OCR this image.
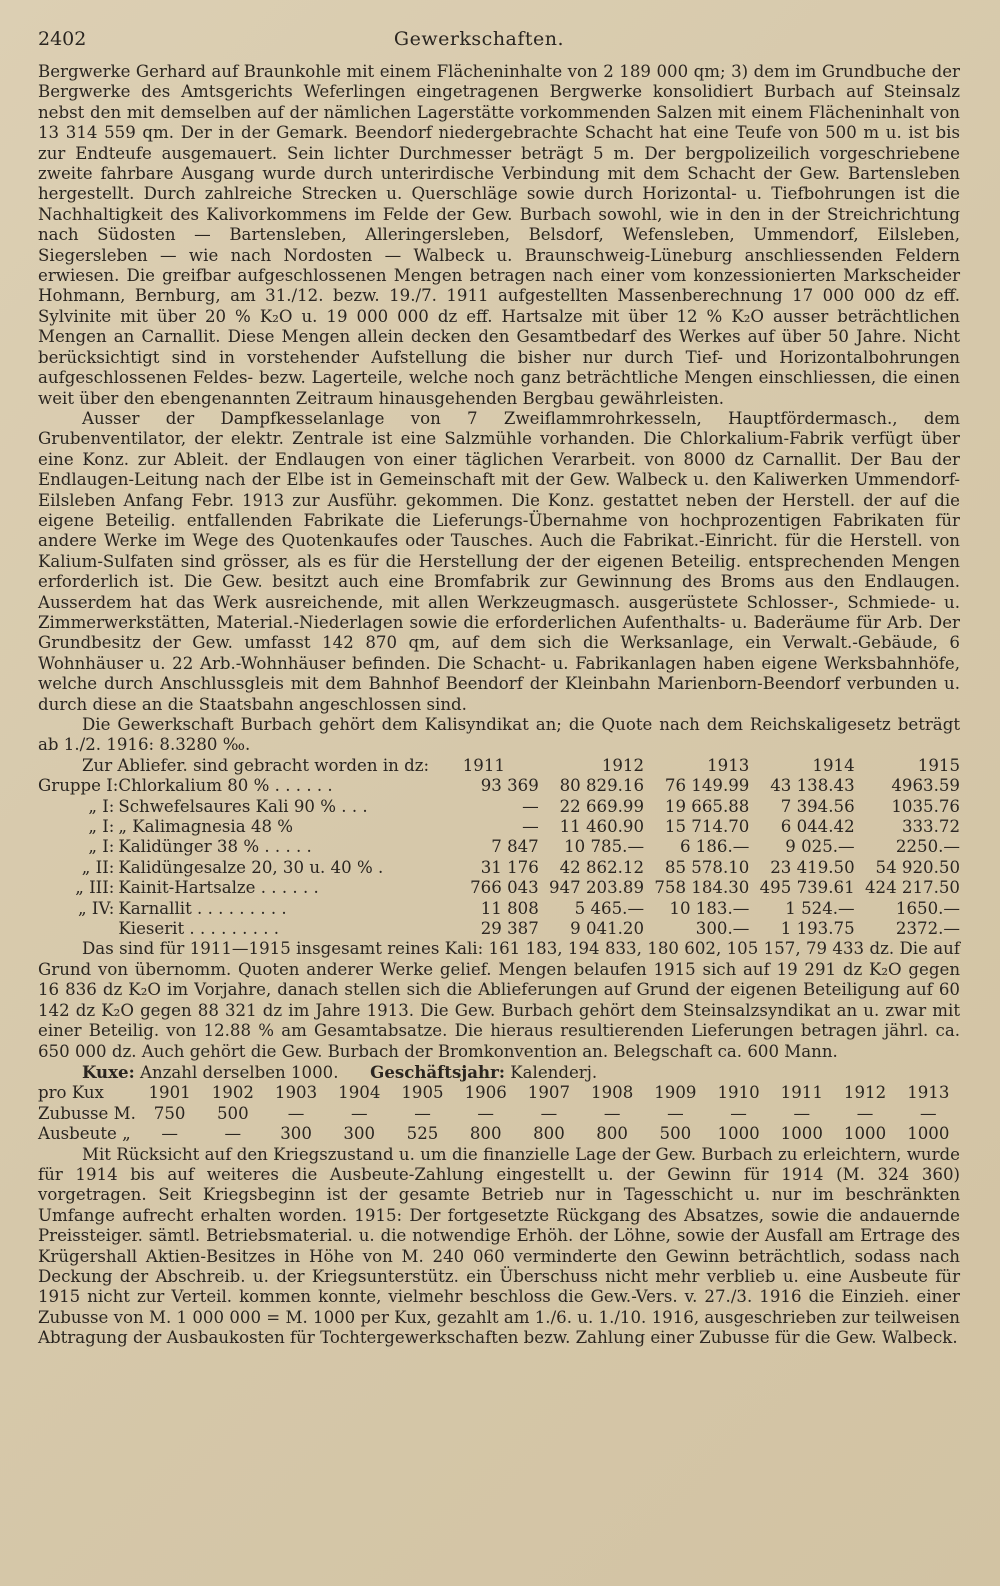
2402	Gewerkschaften.

Bergwerke Gerhard auf Braunkohle mit einem Flächeninhalte von 2 189 000 qm; 3) dem im Grundbuche der Bergwerke des Amtsgerichts Weferlingen eingetragenen Bergwerke konsolidiert Burbach auf Steinsalz nebst den mit demselben auf der nämlichen Lagerstätte vorkommenden Salzen mit einem Flächeninhalt von 13 314 559 qm. Der in der Gemark. Beendorf niedergebrachte Schacht hat eine Teufe von 500 m u. ist bis zur Endteufe ausgemauert. Sein lichter Durchmesser beträgt 5 m. Der bergpolizeilich vorgeschriebene zweite fahrbare Ausgang wurde durch unterirdische Verbindung mit dem Schacht der Gew. Bartensleben hergestellt. Durch zahlreiche Strecken u. Querschläge sowie durch Horizontal- u. Tiefbohrungen ist die Nachhaltigkeit des Kalivorkommens im Felde der Gew. Burbach sowohl, wie in den in der Streichrichtung nach Südosten — Bartensleben, Alleringersleben, Belsdorf, Wefensleben, Ummendorf, Eilsleben, Siegersleben — wie nach Nordosten — Walbeck u. Braunschweig-Lüneburg anschliessenden Feldern erwiesen. Die greifbar aufgeschlossenen Mengen betragen nach einer vom konzessionierten Markscheider Hohmann, Bernburg, am 31./12. bezw. 19./7. 1911 aufgestellten Massenberechnung 17 000 000 dz eff. Sylvinite mit über 20 % K₂O u. 19 000 000 dz eff. Hartsalze mit über 12 % K₂O ausser beträchtlichen Mengen an Carnallit. Diese Mengen allein decken den Gesamtbedarf des Werkes auf über 50 Jahre. Nicht berücksichtigt sind in vorstehender Aufstellung die bisher nur durch Tief- und Horizontalbohrungen aufgeschlossenen Feldes- bezw. Lagerteile, welche noch ganz beträchtliche Mengen einschliessen, die einen weit über den ebengenannten Zeitraum hinausgehenden Bergbau gewährleisten.

Ausser der Dampfkesselanlage von 7 Zweiflammrohrkesseln, Hauptfördermasch., dem Grubenventilator, der elektr. Zentrale ist eine Salzmühle vorhanden. Die Chlorkalium-Fabrik verfügt über eine Konz. zur Ableit. der Endlaugen von einer täglichen Verarbeit. von 8000 dz Carnallit. Der Bau der Endlaugen-Leitung nach der Elbe ist in Gemeinschaft mit der Gew. Walbeck u. den Kaliwerken Ummendorf-Eilsleben Anfang Febr. 1913 zur Ausführ. gekommen. Die Konz. gestattet neben der Herstell. der auf die eigene Beteilig. entfallenden Fabrikate die Lieferungs-Übernahme von hochprozentigen Fabrikaten für andere Werke im Wege des Quotenkaufes oder Tausches. Auch die Fabrikat.-Einricht. für die Herstell. von Kalium-Sulfaten sind grösser, als es für die Herstellung der der eigenen Beteilig. entsprechenden Mengen erforderlich ist. Die Gew. besitzt auch eine Bromfabrik zur Gewinnung des Broms aus den Endlaugen. Ausserdem hat das Werk ausreichende, mit allen Werkzeugmasch. ausgerüstete Schlosser-, Schmiede- u. Zimmerwerkstätten, Material.-Niederlagen sowie die erforderlichen Aufenthalts- u. Baderäume für Arb. Der Grundbesitz der Gew. umfasst 142 870 qm, auf dem sich die Werksanlage, ein Verwalt.-Gebäude, 6 Wohnhäuser u. 22 Arb.-Wohnhäuser befinden. Die Schacht- u. Fabrikanlagen haben eigene Werksbahnhöfe, welche durch Anschlussgleis mit dem Bahnhof Beendorf der Kleinbahn Marienborn-Beendorf verbunden u. durch diese an die Staatsbahn angeschlossen sind.

Die Gewerkschaft Burbach gehört dem Kalisyndikat an; die Quote nach dem Reichskaligesetz beträgt ab 1./2. 1916: 8.3280 ‰.

Zur Abliefer. sind gebracht worden in dz:		1911	1912	1913	1914	1915
Gruppe I:	Chlorkalium 80 % . . . . . .	93 369	80 829.16	76 149.99	43 138.43	4963.59
„ I:	Schwefelsaures Kali 90 % . . .	—	22 669.99	19 665.88	7 394.56	1035.76
„ I:	„ Kalimagnesia 48 %	—	11 460.90	15 714.70	6 044.42	333.72
„ I:	Kalidünger 38 % . . . . .	7 847	10 785.—	6 186.—	9 025.—	2250.—
„ II:	Kalidüngesalze 20, 30 u. 40 % .	31 176	42 862.12	85 578.10	23 419.50	54 920.50
„ III:	Kainit-Hartsalze . . . . . .	766 043	947 203.89	758 184.30	495 739.61	424 217.50
„ IV:	Karnallit . . . . . . . . .	11 808	5 465.—	10 183.—	1 524.—	1650.—
	Kieserit . . . . . . . . .	29 387	9 041.20	300.—	1 193.75	2372.—

Das sind für 1911—1915 insgesamt reines Kali: 161 183, 194 833, 180 602, 105 157, 79 433 dz. Die auf Grund von übernomm. Quoten anderer Werke gelief. Mengen belaufen 1915 sich auf 19 291 dz K₂O gegen 16 836 dz K₂O im Vorjahre, danach stellen sich die Ablieferungen auf Grund der eigenen Beteiligung auf 60 142 dz K₂O gegen 88 321 dz im Jahre 1913. Die Gew. Burbach gehört dem Steinsalzsyndikat an u. zwar mit einer Beteilig. von 12.88 % am Gesamtabsatze. Die hieraus resultierenden Lieferungen betragen jährl. ca. 650 000 dz. Auch gehört die Gew. Burbach der Bromkonvention an. Belegschaft ca. 600 Mann.

Kuxe: Anzahl derselben 1000. Geschäftsjahr: Kalenderj.
pro Kux	1901	1902	1903	1904	1905	1906	1907	1908	1909	1910	1911	1912	1913
Zubusse M.	750	500	—	—	—	—	—	—	—	—	—	—	—
Ausbeute „	—	—	300	300	525	800	800	800	500	1000	1000	1000	1000

Mit Rücksicht auf den Kriegszustand u. um die finanzielle Lage der Gew. Burbach zu erleichtern, wurde für 1914 bis auf weiteres die Ausbeute-Zahlung eingestellt u. der Gewinn für 1914 (M. 324 360) vorgetragen. Seit Kriegsbeginn ist der gesamte Betrieb nur in Tagesschicht u. nur im beschränkten Umfange aufrecht erhalten worden. 1915: Der fortgesetzte Rückgang des Absatzes, sowie die andauernde Preissteiger. sämtl. Betriebsmaterial. u. die notwendige Erhöh. der Löhne, sowie der Ausfall am Ertrage des Krügershall Aktien-Besitzes in Höhe von M. 240 060 verminderte den Gewinn beträchtlich, sodass nach Deckung der Abschreib. u. der Kriegsunterstütz. ein Überschuss nicht mehr verblieb u. eine Ausbeute für 1915 nicht zur Verteil. kommen konnte, vielmehr beschloss die Gew.-Vers. v. 27./3. 1916 die Einzieh. einer Zubusse von M. 1 000 000 = M. 1000 per Kux, gezahlt am 1./6. u. 1./10. 1916, ausgeschrieben zur teilweisen Abtragung der Ausbaukosten für Tochtergewerkschaften bezw. Zahlung einer Zubusse für die Gew. Walbeck.
